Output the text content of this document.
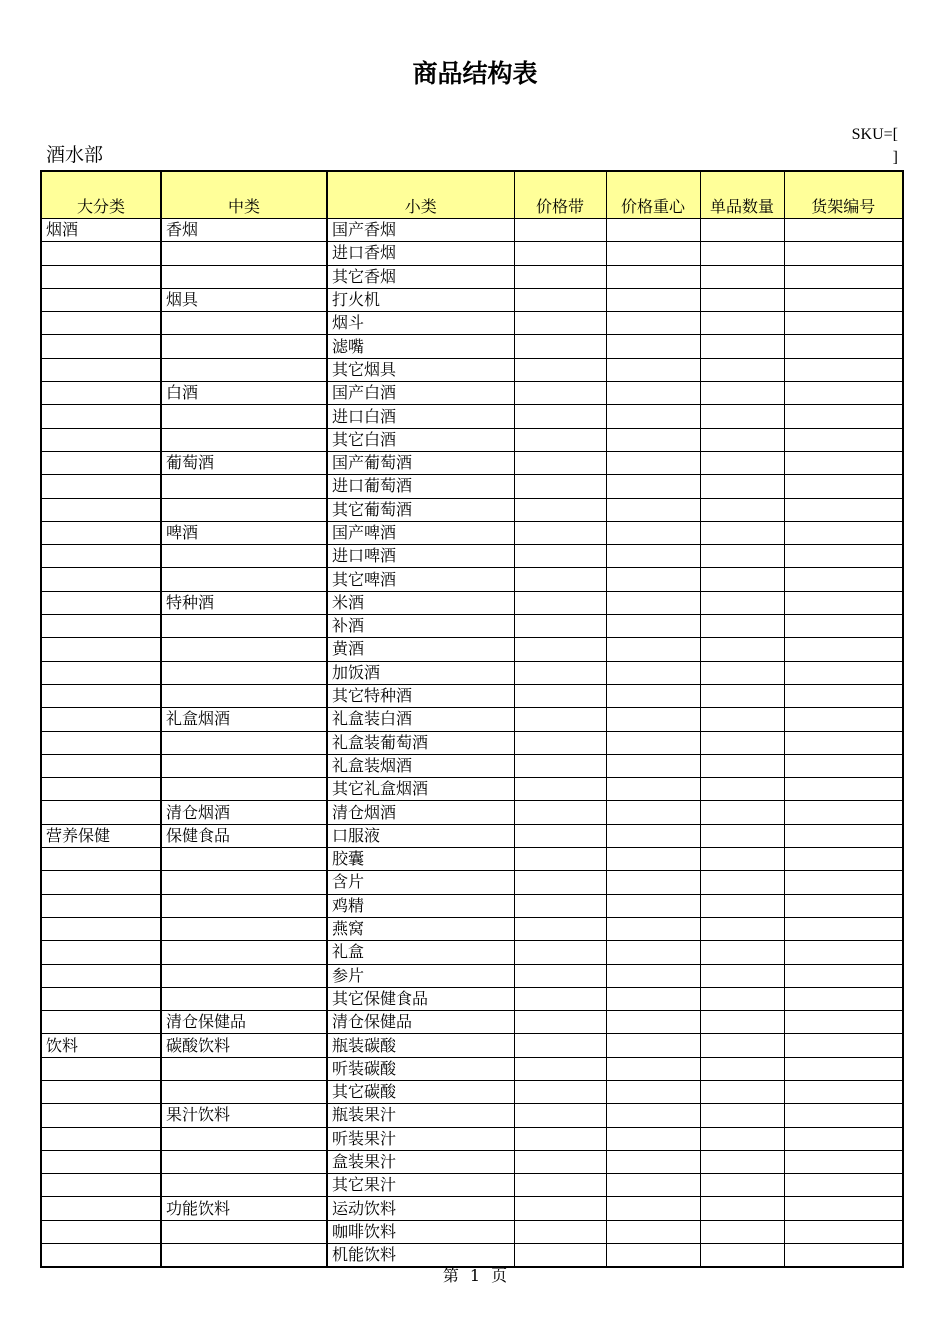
商品结构表
酒水部
SKU=[
]
大分类	中类	小类	价格带	价格重心	单品数量	货架编号
烟酒	香烟	国产香烟				
		进口香烟				
		其它香烟				
	烟具	打火机				
		烟斗				
		滤嘴				
		其它烟具				
	白酒	国产白酒				
		进口白酒				
		其它白酒				
	葡萄酒	国产葡萄酒				
		进口葡萄酒				
		其它葡萄酒				
	啤酒	国产啤酒				
		进口啤酒				
		其它啤酒				
	特种酒	米酒				
		补酒				
		黄酒				
		加饭酒				
		其它特种酒				
	礼盒烟酒	礼盒装白酒				
		礼盒装葡萄酒				
		礼盒装烟酒				
		其它礼盒烟酒				
	清仓烟酒	清仓烟酒				
营养保健	保健食品	口服液				
		胶囊				
		含片				
		鸡精				
		燕窝				
		礼盒				
		参片				
		其它保健食品				
	清仓保健品	清仓保健品				
饮料	碳酸饮料	瓶装碳酸				
		听装碳酸				
		其它碳酸				
	果汁饮料	瓶装果汁				
		听装果汁				
		盒装果汁				
		其它果汁				
	功能饮料	运动饮料				
		咖啡饮料				
		机能饮料				
第 1 页
